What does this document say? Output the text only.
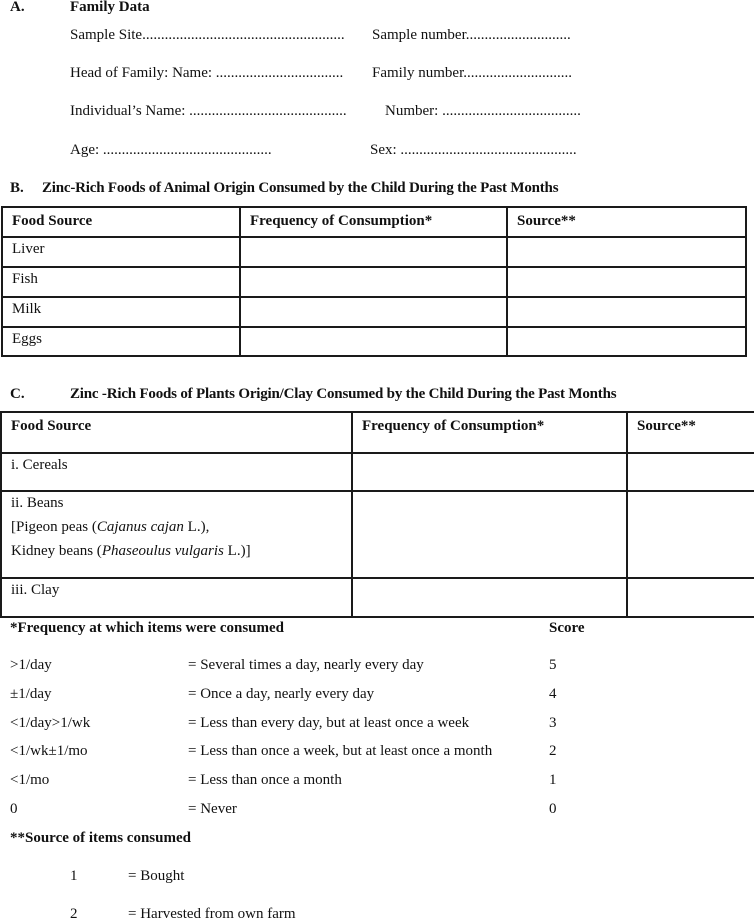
A.	Family Data
Sample Site...................................................... Sample number............................
Head of Family: Name: .................................. Family number.............................
Individual’s Name: ..........................................	Number: .....................................
Age: .............................................	Sex: ...............................................
B. Zinc-Rich Foods of Animal Origin Consumed by the Child During the Past Months
Food Source	Frequency of Consumption*	Source**
Liver		
Fish		
Milk		
Eggs		
C.	Zinc -Rich Foods of Plants Origin/Clay Consumed by the Child During the Past Months
Food Source	Frequency of Consumption*	Source**
i. Cereals		

ii. Beans
[Pigeon peas (Cajanus cajan L.),
Kidney beans (Phaseoulus vulgaris L.)]		

iii. Clay		
*Frequency at which items were consumed	Score
>1/day	= Several times a day, nearly every day	5
±1/day	= Once a day, nearly every day	4
<1/day>1/wk	= Less than every day, but at least once a week	3
<1/wk±1/mo	= Less than once a week, but at least once a month	2
<1/mo	= Less than once a month	1
0	= Never	0
**Source of items consumed
1	= Bought
2	= Harvested from own farm
